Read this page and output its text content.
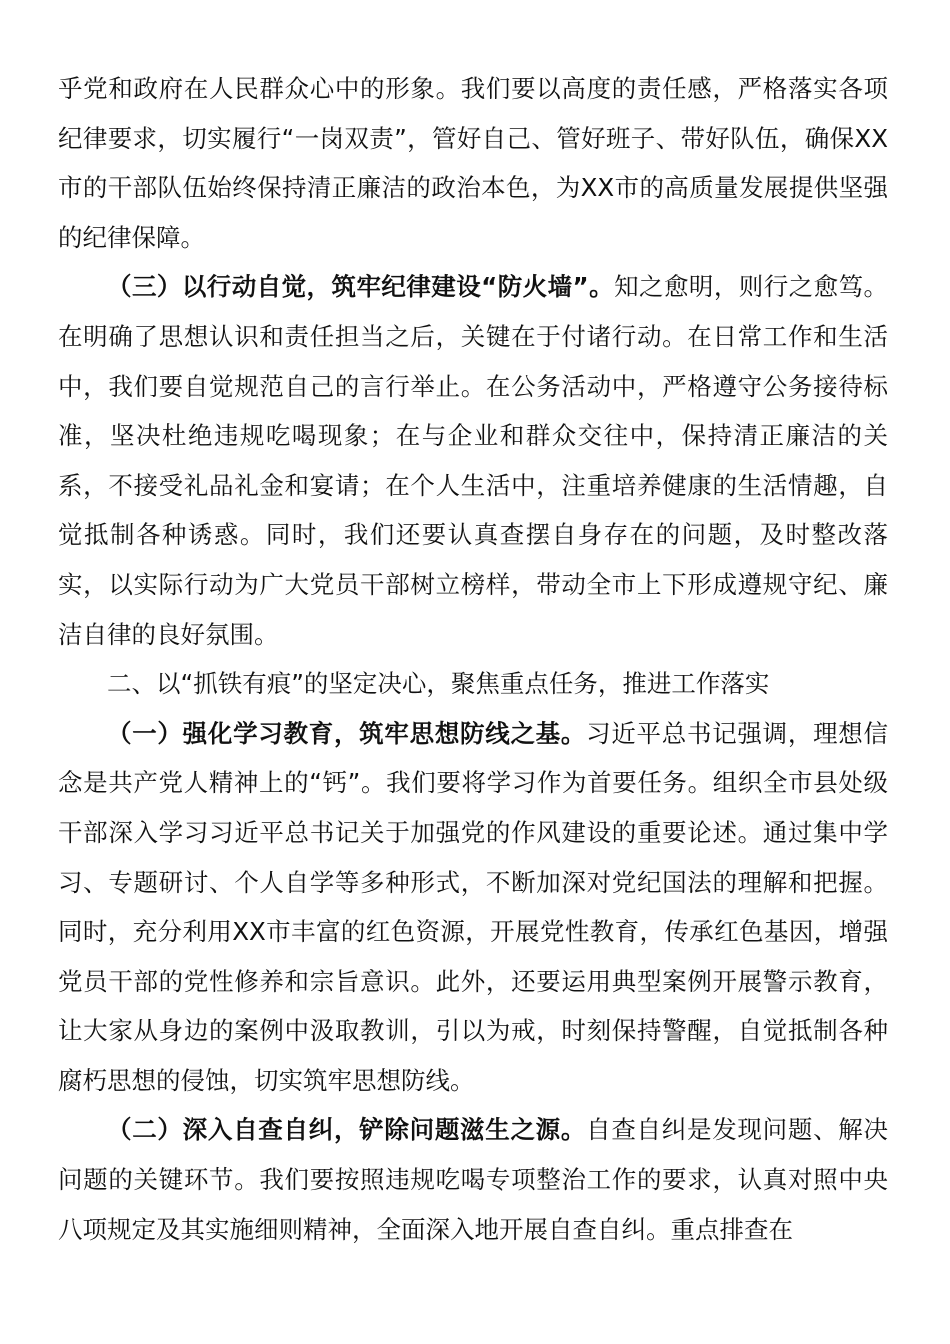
乎党和政府在人民群众心中的形象。我们要以高度的责任感，严格落实各项纪律要求，切实履行“一岗双责”，管好自己、管好班子、带好队伍，确保XX市的干部队伍始终保持清正廉洁的政治本色，为XX市的高质量发展提供坚强的纪律保障。

（三）以行动自觉，筑牢纪律建设“防火墙”。知之愈明，则行之愈笃。在明确了思想认识和责任担当之后，关键在于付诸行动。在日常工作和生活中，我们要自觉规范自己的言行举止。在公务活动中，严格遵守公务接待标准，坚决杜绝违规吃喝现象；在与企业和群众交往中，保持清正廉洁的关系，不接受礼品礼金和宴请；在个人生活中，注重培养健康的生活情趣，自觉抵制各种诱惑。同时，我们还要认真查摆自身存在的问题，及时整改落实，以实际行动为广大党员干部树立榜样，带动全市上下形成遵规守纪、廉洁自律的良好氛围。

二、以“抓铁有痕”的坚定决心，聚焦重点任务，推进工作落实

（一）强化学习教育，筑牢思想防线之基。习近平总书记强调，理想信念是共产党人精神上的“钙”。我们要将学习作为首要任务。组织全市县处级干部深入学习习近平总书记关于加强党的作风建设的重要论述。通过集中学习、专题研讨、个人自学等多种形式，不断加深对党纪国法的理解和把握。同时，充分利用XX市丰富的红色资源，开展党性教育，传承红色基因，增强党员干部的党性修养和宗旨意识。此外，还要运用典型案例开展警示教育，让大家从身边的案例中汲取教训，引以为戒，时刻保持警醒，自觉抵制各种腐朽思想的侵蚀，切实筑牢思想防线。

（二）深入自查自纠，铲除问题滋生之源。自查自纠是发现问题、解决问题的关键环节。我们要按照违规吃喝专项整治工作的要求，认真对照中央八项规定及其实施细则精神，全面深入地开展自查自纠。重点排查在
